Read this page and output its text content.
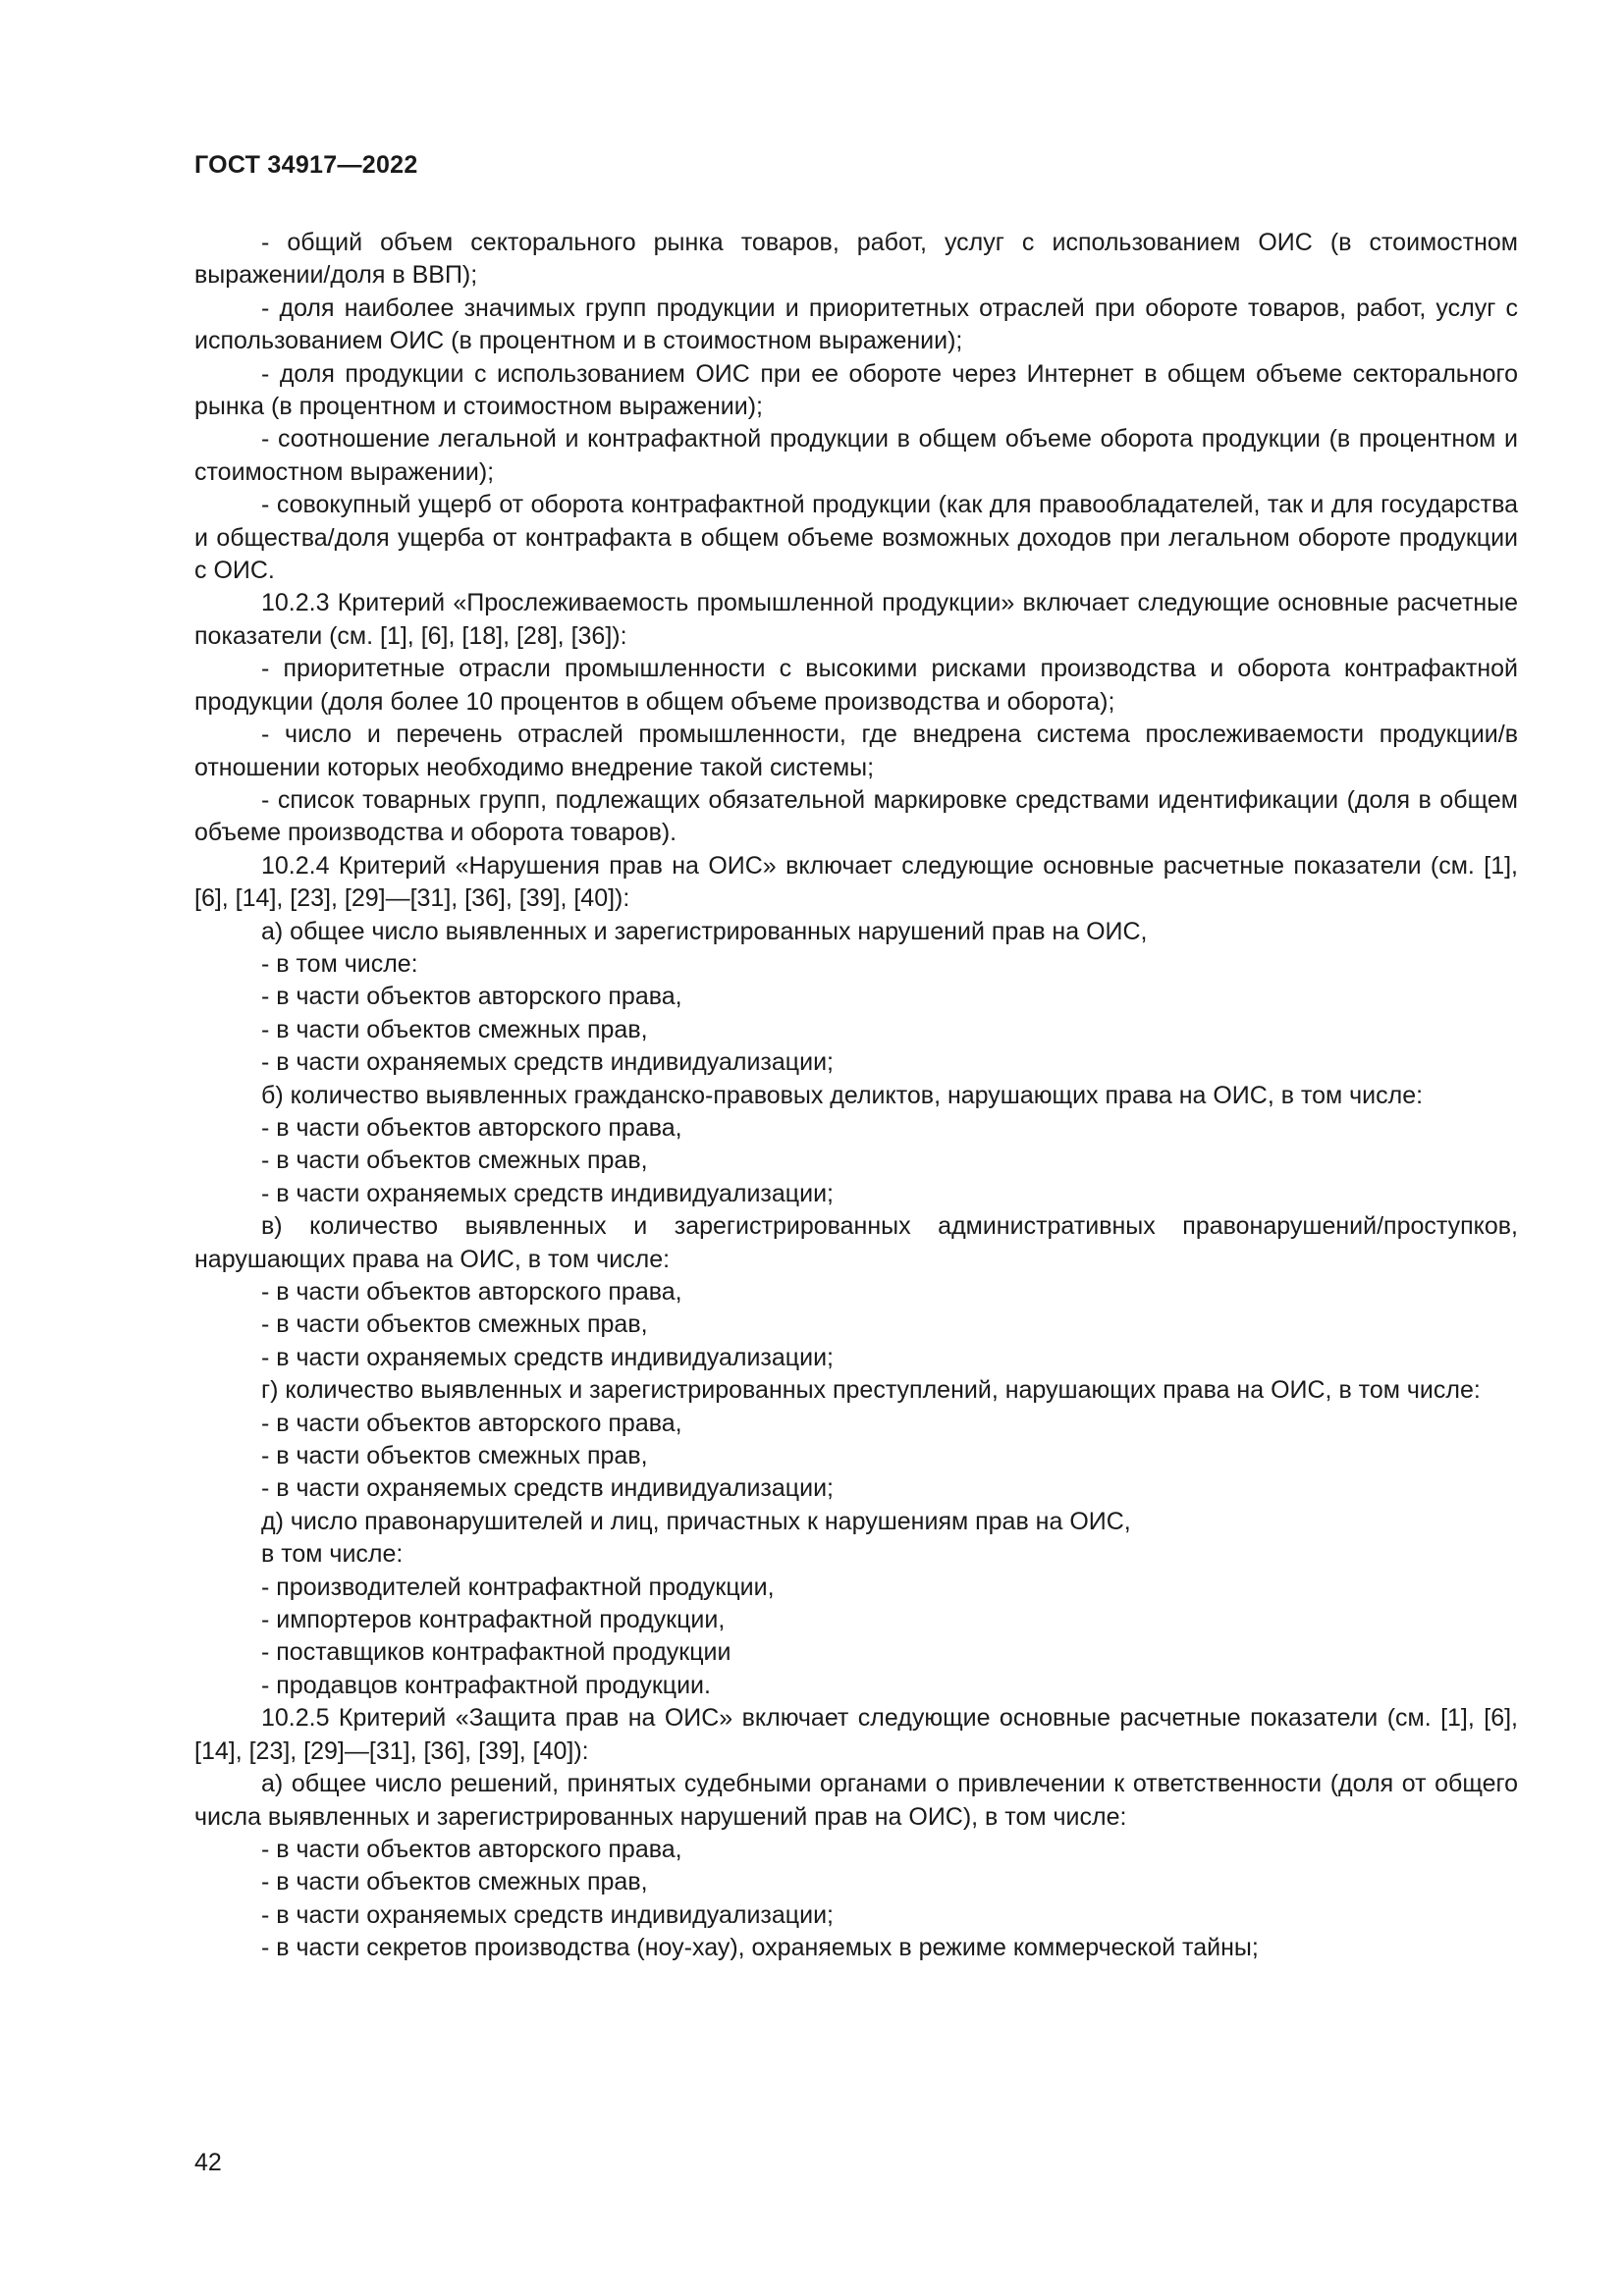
ГОСТ 34917—2022

- общий объем секторального рынка товаров, работ, услуг с использованием ОИС (в стоимостном выражении/доля в ВВП);

- доля наиболее значимых групп продукции и приоритетных отраслей при обороте товаров, работ, услуг с использованием ОИС (в процентном и в стоимостном выражении);

- доля продукции с использованием ОИС при ее обороте через Интернет в общем объеме секторального рынка (в процентном и стоимостном выражении);

- соотношение легальной и контрафактной продукции в общем объеме оборота продукции (в процентном и стоимостном выражении);

- совокупный ущерб от оборота контрафактной продукции (как для правообладателей, так и для государства и общества/доля ущерба от контрафакта в общем объеме возможных доходов при легальном обороте продукции с ОИС.

10.2.3 Критерий «Прослеживаемость промышленной продукции» включает следующие основные расчетные показатели (см. [1], [6], [18], [28], [36]):

- приоритетные отрасли промышленности с высокими рисками производства и оборота контрафактной продукции (доля более 10 процентов в общем объеме производства и оборота);

- число и перечень отраслей промышленности, где внедрена система прослеживаемости продукции/в отношении которых необходимо внедрение такой системы;

- список товарных групп, подлежащих обязательной маркировке средствами идентификации (доля в общем объеме производства и оборота товаров).

10.2.4 Критерий «Нарушения прав на ОИС» включает следующие основные расчетные показатели (см. [1], [6], [14], [23], [29]—[31], [36], [39], [40]):

а) общее число выявленных и зарегистрированных нарушений прав на ОИС,

- в том числе:

- в части объектов авторского права,

- в части объектов смежных прав,

- в части охраняемых средств индивидуализации;

б) количество выявленных гражданско-правовых деликтов, нарушающих права на ОИС, в том числе:

- в части объектов авторского права,

- в части объектов смежных прав,

- в части охраняемых средств индивидуализации;

в) количество выявленных и зарегистрированных административных правонарушений/проступков, нарушающих права на ОИС, в том числе:

- в части объектов авторского права,

- в части объектов смежных прав,

- в части охраняемых средств индивидуализации;

г) количество выявленных и зарегистрированных преступлений, нарушающих права на ОИС, в том числе:

- в части объектов авторского права,

- в части объектов смежных прав,

- в части охраняемых средств индивидуализации;

д) число правонарушителей и лиц, причастных к нарушениям прав на ОИС,

в том числе:

- производителей контрафактной продукции,

- импортеров контрафактной продукции,

- поставщиков контрафактной продукции

- продавцов контрафактной продукции.

10.2.5 Критерий «Защита прав на ОИС» включает следующие основные расчетные показатели (см. [1], [6], [14], [23], [29]—[31], [36], [39], [40]):

а) общее число решений, принятых судебными органами о привлечении к ответственности (доля от общего числа выявленных и зарегистрированных нарушений прав на ОИС), в том числе:

- в части объектов авторского права,

- в части объектов смежных прав,

- в части охраняемых средств индивидуализации;

- в части секретов производства (ноу-хау), охраняемых в режиме коммерческой тайны;

42
